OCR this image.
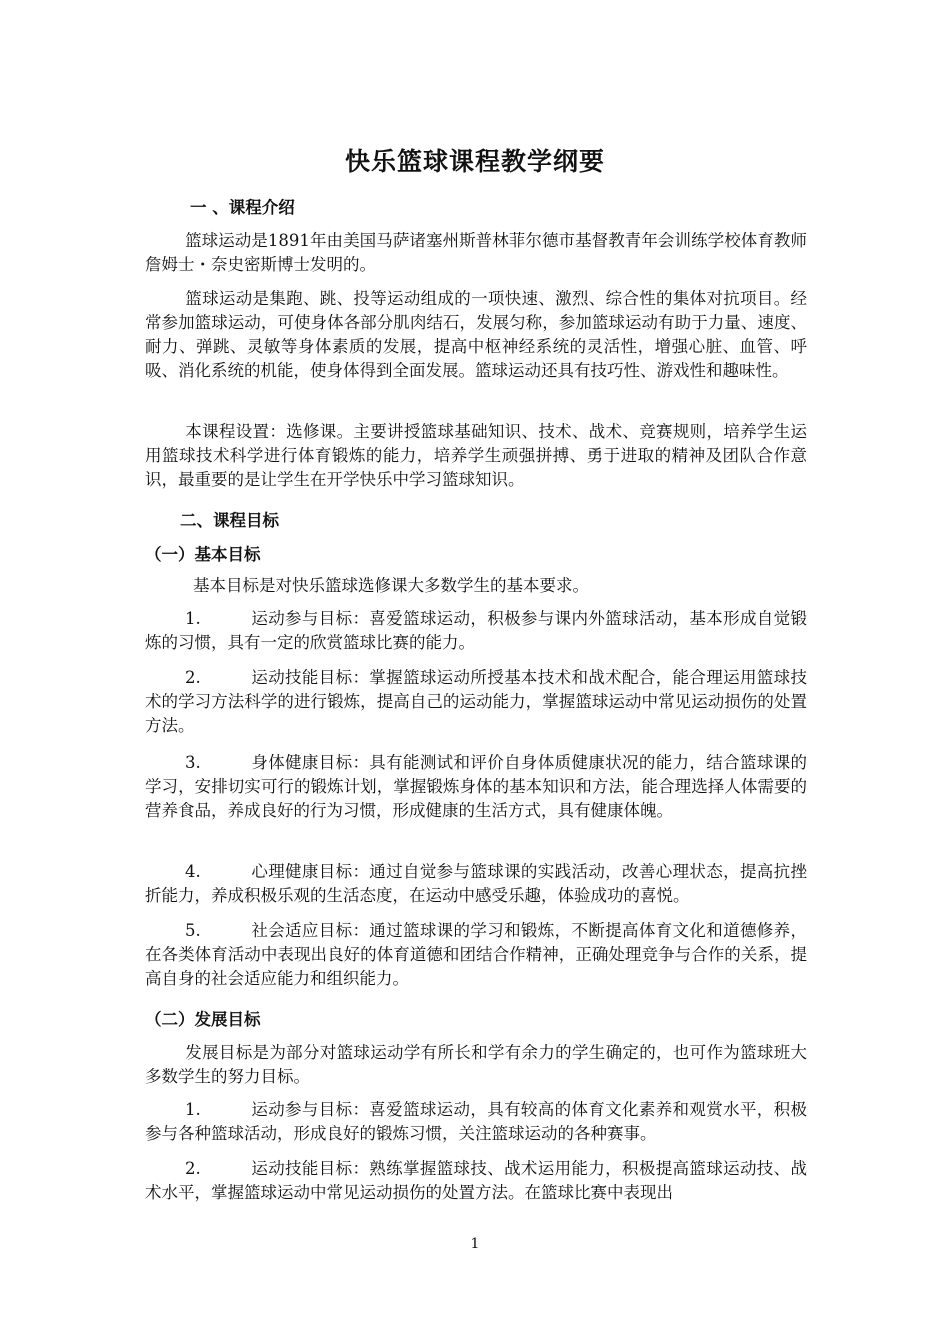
快乐篮球课程教学纲要
一 、课程介绍
篮球运动是1891年由美国马萨诸塞州斯普林菲尔德市基督教青年会训练学校体育教师詹姆士・奈史密斯博士发明的。
篮球运动是集跑、跳、投等运动组成的一项快速、激烈、综合性的集体对抗项目。经常参加篮球运动，可使身体各部分肌肉结石，发展匀称，参加篮球运动有助于力量、速度、耐力、弹跳、灵敏等身体素质的发展，提高中枢神经系统的灵活性，增强心脏、血管、呼吸、消化系统的机能，使身体得到全面发展。篮球运动还具有技巧性、游戏性和趣味性。
本课程设置：选修课。主要讲授篮球基础知识、技术、战术、竞赛规则，培养学生运用篮球技术科学进行体育锻炼的能力，培养学生顽强拼搏、勇于进取的精神及团队合作意识，最重要的是让学生在开学快乐中学习篮球知识。
二、课程目标
（一）基本目标
基本目标是对快乐篮球选修课大多数学生的基本要求。
1.	运动参与目标：喜爱篮球运动，积极参与课内外篮球活动，基本形成自觉锻炼的习惯，具有一定的欣赏篮球比赛的能力。
2.	运动技能目标：掌握篮球运动所授基本技术和战术配合，能合理运用篮球技术的学习方法科学的进行锻炼，提高自己的运动能力，掌握篮球运动中常见运动损伤的处置方法。
3.	身体健康目标：具有能测试和评价自身体质健康状况的能力，结合篮球课的学习，安排切实可行的锻炼计划，掌握锻炼身体的基本知识和方法，能合理选择人体需要的营养食品，养成良好的行为习惯，形成健康的生活方式，具有健康体魄。
4.	心理健康目标：通过自觉参与篮球课的实践活动，改善心理状态，提高抗挫折能力，养成积极乐观的生活态度，在运动中感受乐趣，体验成功的喜悦。
5.	社会适应目标：通过篮球课的学习和锻炼，不断提高体育文化和道德修养，在各类体育活动中表现出良好的体育道德和团结合作精神，正确处理竞争与合作的关系，提高自身的社会适应能力和组织能力。
（二）发展目标
发展目标是为部分对篮球运动学有所长和学有余力的学生确定的，也可作为篮球班大多数学生的努力目标。
1.	运动参与目标：喜爱篮球运动，具有较高的体育文化素养和观赏水平，积极参与各种篮球活动，形成良好的锻炼习惯，关注篮球运动的各种赛事。
2.	运动技能目标：熟练掌握篮球技、战术运用能力，积极提高篮球运动技、战术水平，掌握篮球运动中常见运动损伤的处置方法。在篮球比赛中表现出
1
